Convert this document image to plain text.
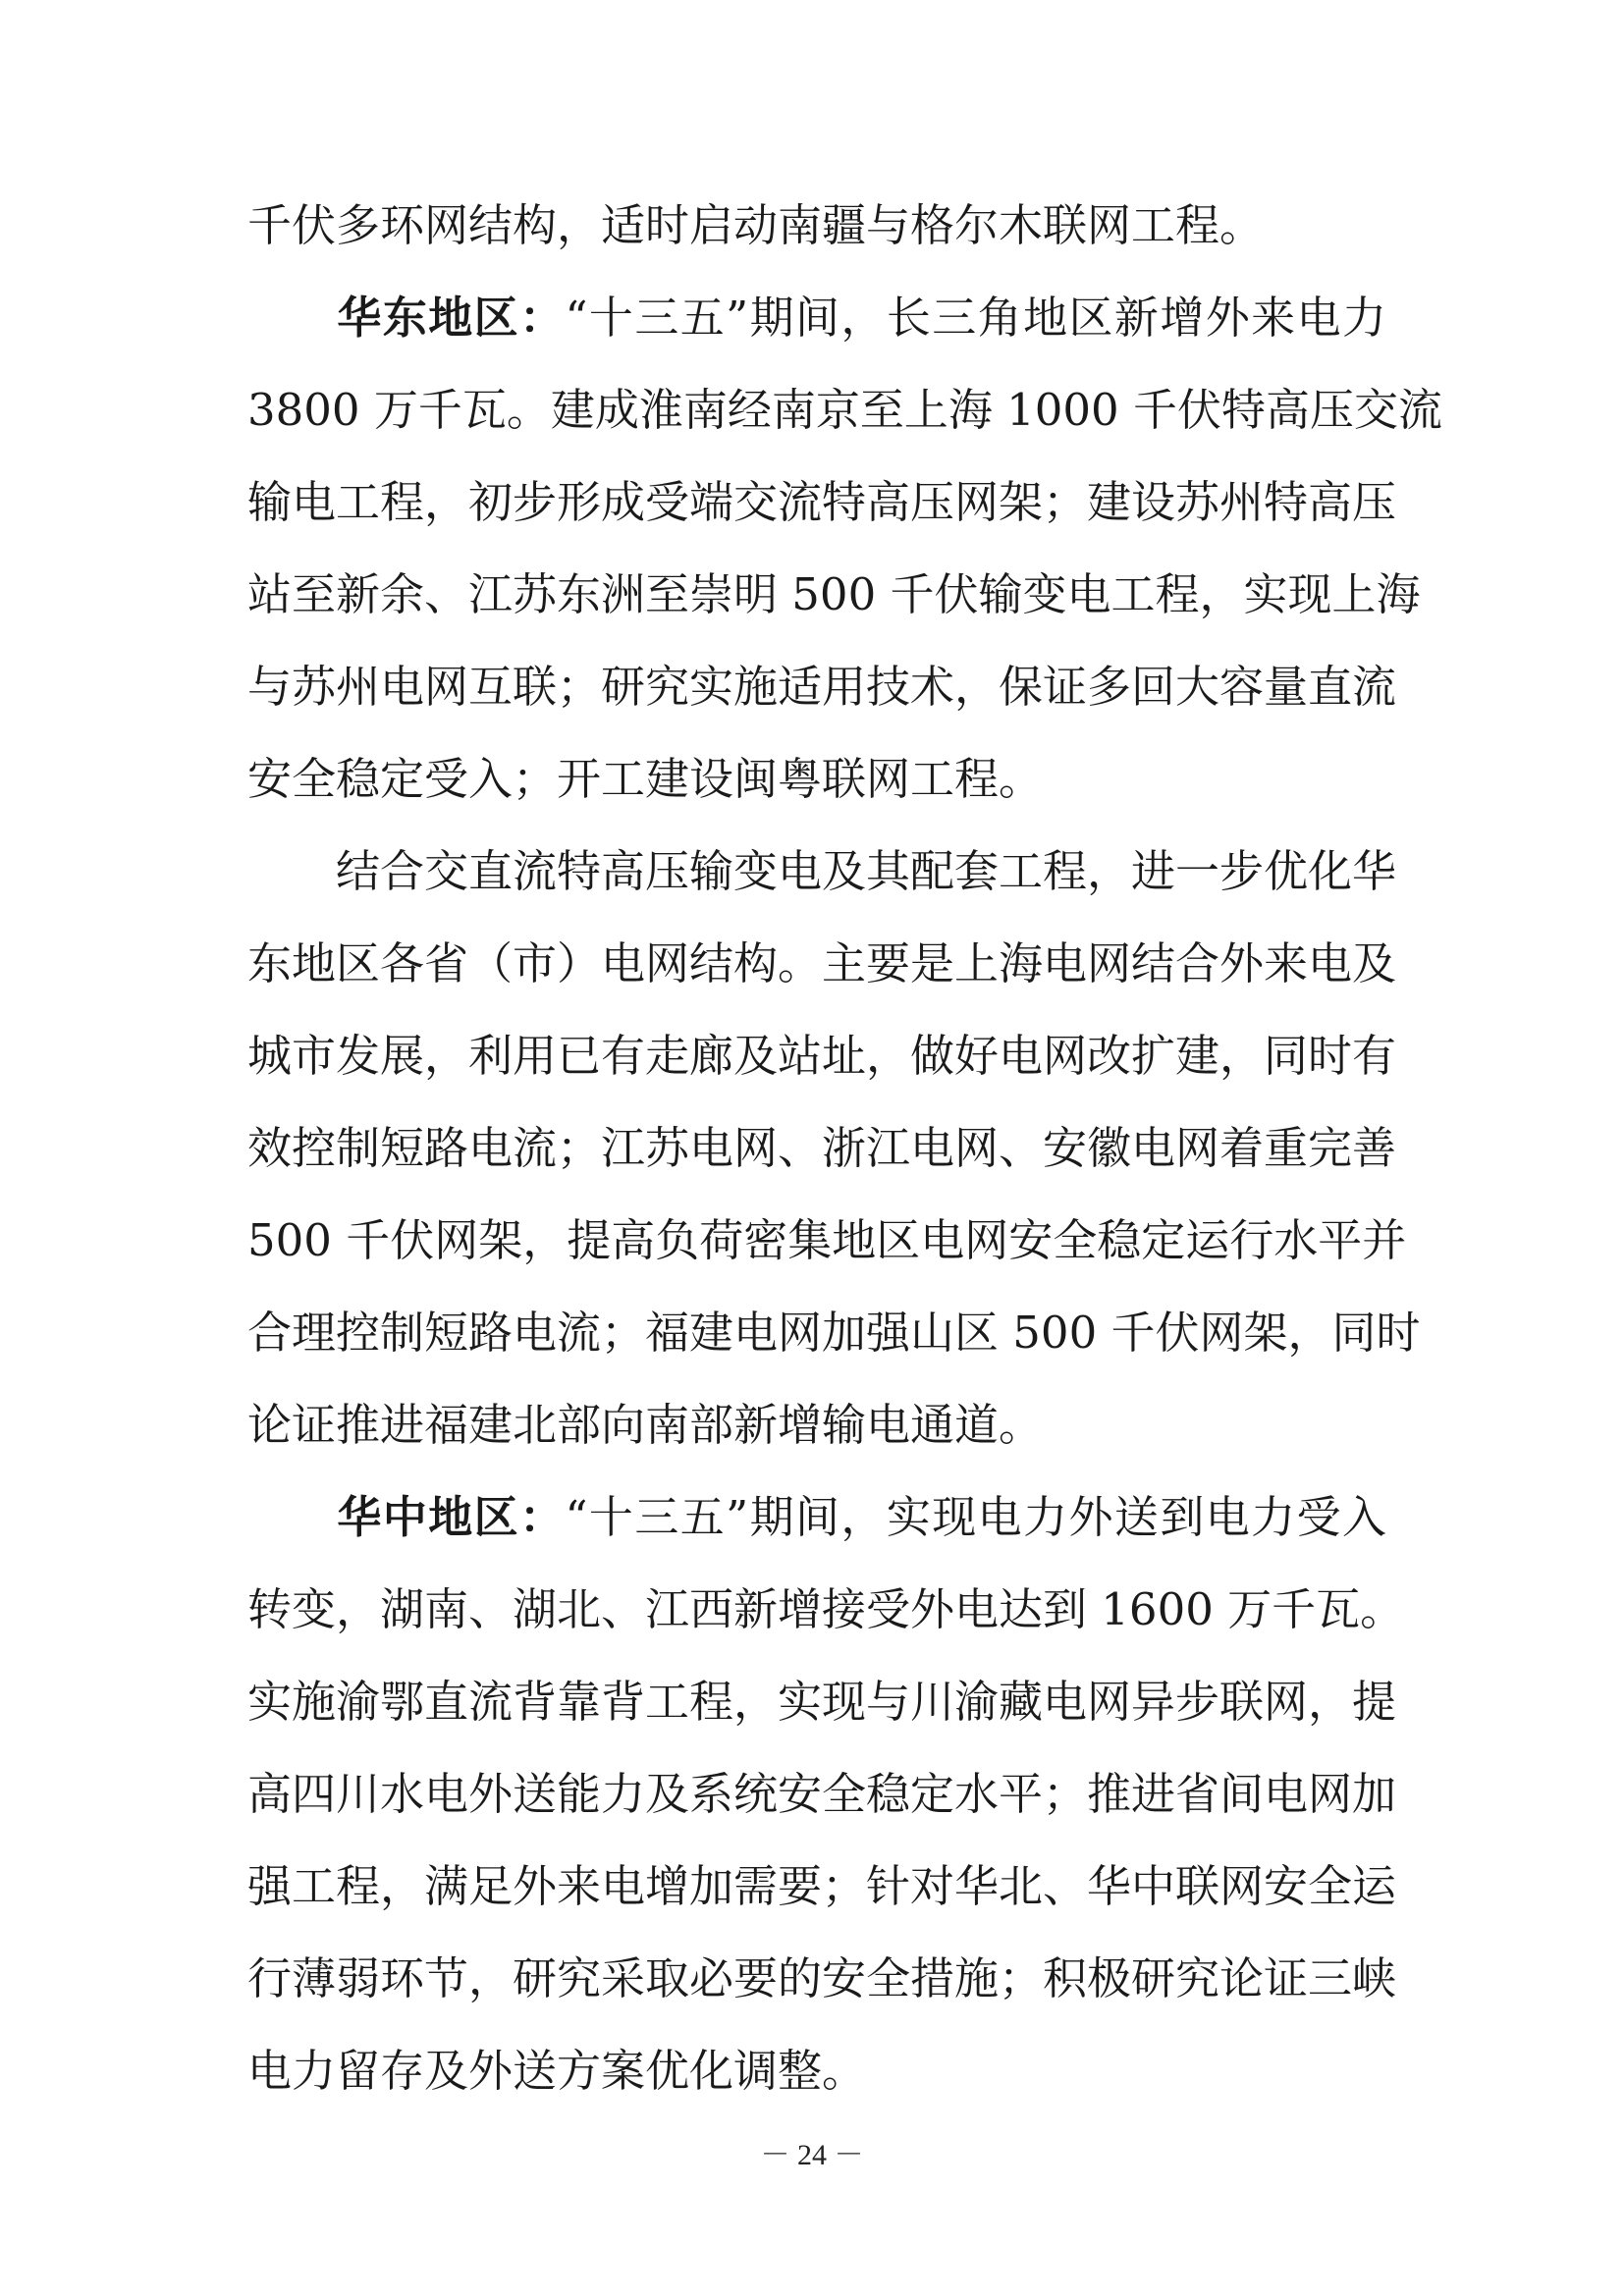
千伏多环网结构，适时启动南疆与格尔木联网工程。
华东地区：“十三五”期间，长三角地区新增外来电力
3800 万千瓦。建成淮南经南京至上海 1000 千伏特高压交流
输电工程，初步形成受端交流特高压网架；建设苏州特高压
站至新余、江苏东洲至崇明 500 千伏输变电工程，实现上海
与苏州电网互联；研究实施适用技术，保证多回大容量直流
安全稳定受入；开工建设闽粤联网工程。
结合交直流特高压输变电及其配套工程，进一步优化华
东地区各省（市）电网结构。主要是上海电网结合外来电及
城市发展，利用已有走廊及站址，做好电网改扩建，同时有
效控制短路电流；江苏电网、浙江电网、安徽电网着重完善
500 千伏网架，提高负荷密集地区电网安全稳定运行水平并
合理控制短路电流；福建电网加强山区 500 千伏网架，同时
论证推进福建北部向南部新增输电通道。
华中地区：“十三五”期间，实现电力外送到电力受入
转变，湖南、湖北、江西新增接受外电达到 1600 万千瓦。
实施渝鄂直流背靠背工程，实现与川渝藏电网异步联网，提
高四川水电外送能力及系统安全稳定水平；推进省间电网加
强工程，满足外来电增加需要；针对华北、华中联网安全运
行薄弱环节，研究采取必要的安全措施；积极研究论证三峡
电力留存及外送方案优化调整。
－ 24 －
